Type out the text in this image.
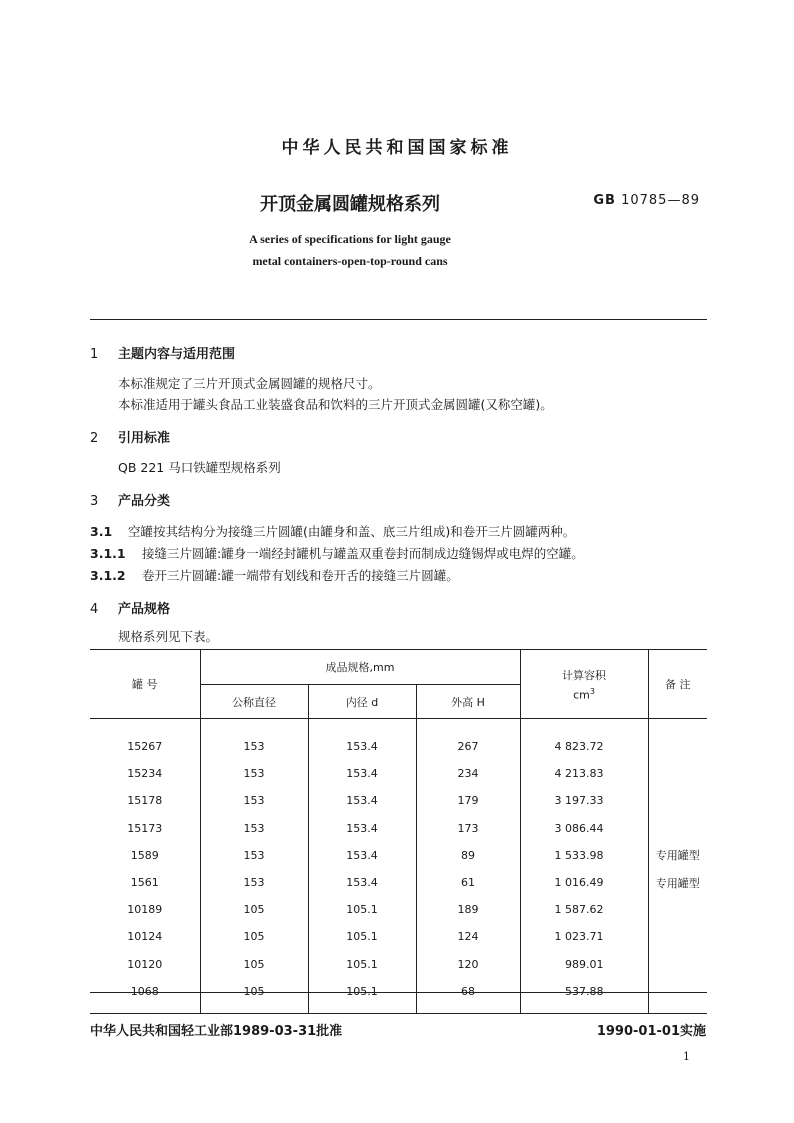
中华人民共和国国家标准
开顶金属圆罐规格系列	GB 10785—89
A series of specifications for light gauge
metal containers-open-top-round cans
1 主题内容与适用范围
本标准规定了三片开顶式金属圆罐的规格尺寸。
本标准适用于罐头食品工业装盛食品和饮料的三片开顶式金属圆罐(又称空罐)。
2 引用标准
QB 221 马口铁罐型规格系列
3 产品分类
3.1 空罐按其结构分为接缝三片圆罐(由罐身和盖、底三片组成)和卷开三片圆罐两种。
3.1.1 接缝三片圆罐:罐身一端经封罐机与罐盖双重卷封而制成边缝锡焊或电焊的空罐。
3.1.2 卷开三片圆罐:罐一端带有划线和卷开舌的接缝三片圆罐。
4 产品规格
规格系列见下表。
罐 号	成品规格,mm			计算容积
$cm^3$	备 注
	公称直径	内径 d	外高 H		
15267	153	153.4	267	4 823.72	
15234	153	153.4	234	4 213.83	
15178	153	153.4	179	3 197.33	
15173	153	153.4	173	3 086.44	
1589	153	153.4	89	1 533.98	专用罐型
1561	153	153.4	61	1 016.49	专用罐型
10189	105	105.1	189	1 587.62	
10124	105	105.1	124	1 023.71	
10120	105	105.1	120	989.01	
1068	105	105.1	68	537.88	
中华人民共和国轻工业部1989-03-31批准	1990-01-01实施
1
